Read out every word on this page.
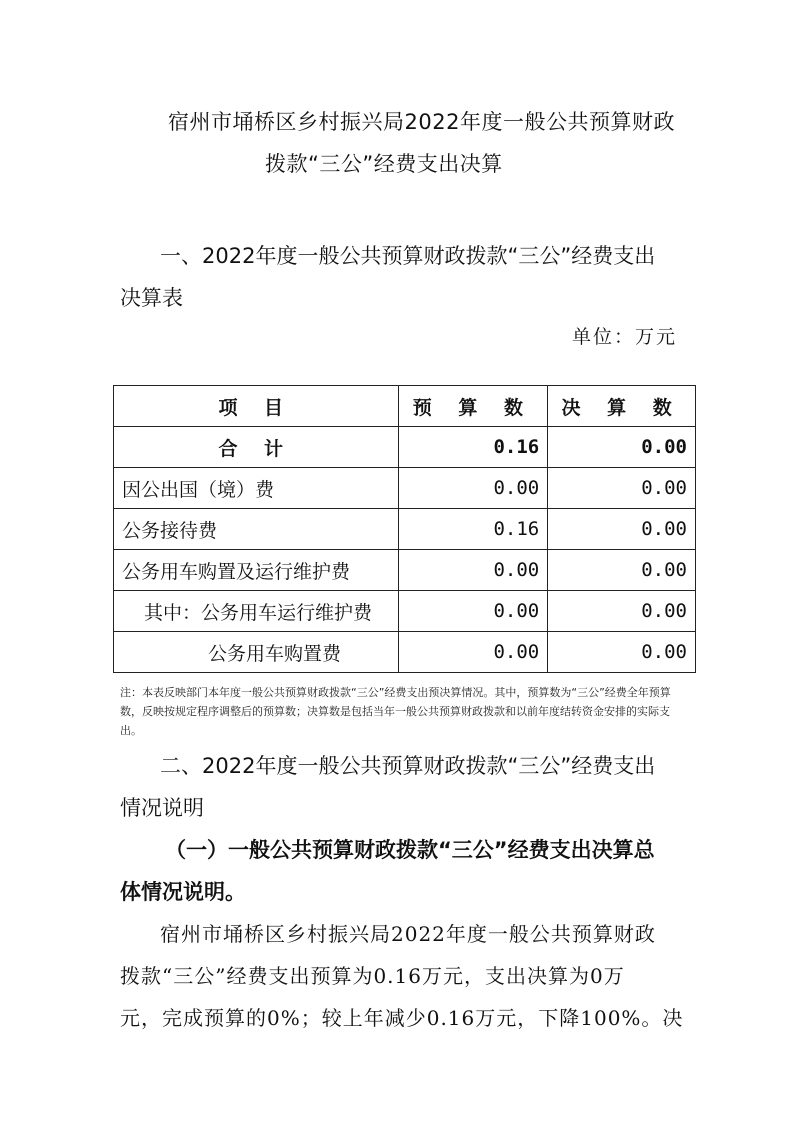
宿州市埇桥区乡村振兴局2022年度一般公共预算财政
拨款“三公”经费支出决算
一、2022年度一般公共预算财政拨款“三公”经费支出
决算表
单位：万元
项 目	预 算 数	决 算 数
合 计	0.16	0.00
因公出国（境）费	0.00	0.00
公务接待费	0.16	0.00
公务用车购置及运行维护费	0.00	0.00
其中：公务用车运行维护费	0.00	0.00
公务用车购置费	0.00	0.00
注：本表反映部门本年度一般公共预算财政拨款“三公”经费支出预决算情况。其中，预算数为“三公”经费全年预算数，反映按规定程序调整后的预算数；决算数是包括当年一般公共预算财政拨款和以前年度结转资金安排的实际支出。
二、2022年度一般公共预算财政拨款“三公”经费支出
情况说明
（一）一般公共预算财政拨款“三公”经费支出决算总
体情况说明。
宿州市埇桥区乡村振兴局2022年度一般公共预算财政
拨款“三公”经费支出预算为0.16万元，支出决算为0万
元，完成预算的0%；较上年减少0.16万元，下降100%。决
